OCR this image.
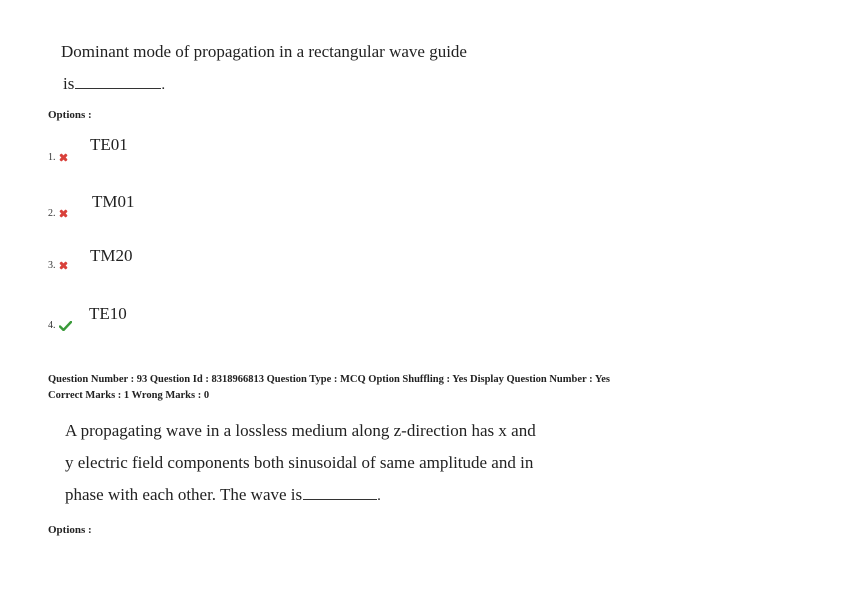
Dominant mode of propagation in a rectangular wave guide
is	.
Options :
TE01
1.
TM01
2.
TM20
3.
TE10
4.
Question Number : 93 Question Id : 8318966813 Question Type : MCQ Option Shuffling : Yes Display Question Number : Yes
Correct Marks : 1 Wrong Marks : 0
A propagating wave in a lossless medium along z-direction has x and
y electric field components both sinusoidal of same amplitude and in
phase with each other. The wave is	.
Options :
